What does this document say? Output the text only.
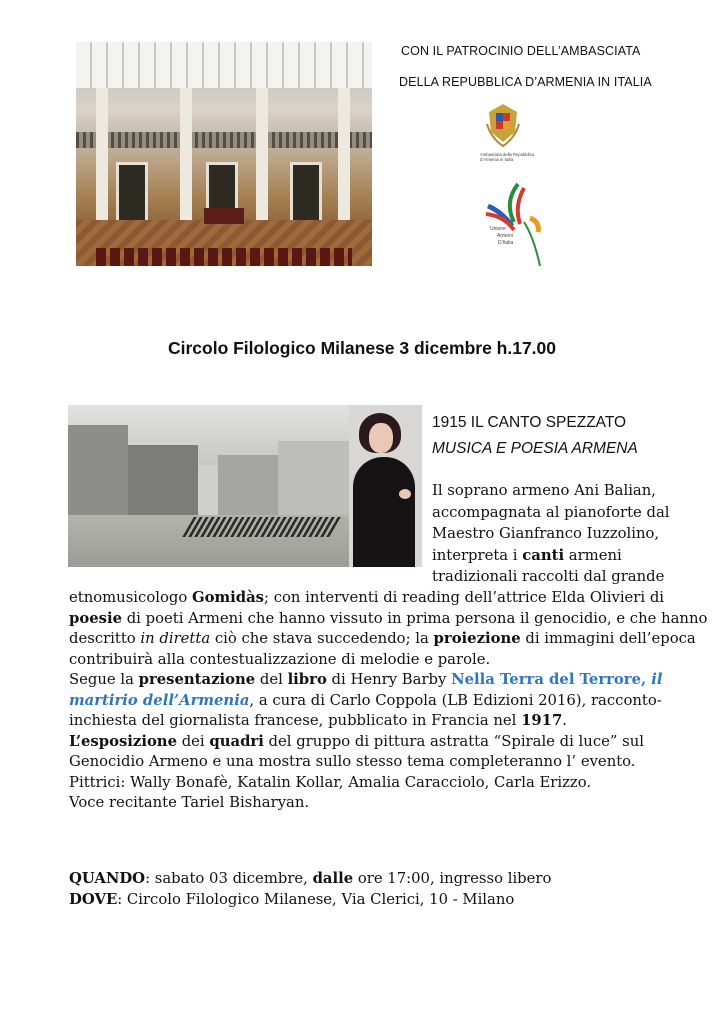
CON IL PATROCINIO DELL’AMBASCIATA
DELLA REPUBBLICA D’ARMENIA IN ITALIA
Ambasciata della Repubblica
d’Armenia in Italia
Unione
Armeni
D’Italia
Circolo Filologico Milanese 3 dicembre h.17.00
1915 IL CANTO SPEZZATO
MUSICA E POESIA ARMENA
Il soprano armeno Ani Balian,
accompagnata al pianoforte dal
Maestro Gianfranco Iuzzolino,
interpreta i canti armeni
tradizionali raccolti dal grande

etnomusicologo Gomidàs; con interventi di reading dell’attrice Elda Olivieri di poesie di poeti Armeni che hanno vissuto in prima persona il genocidio, e che hanno descritto in diretta ciò che stava succedendo; la proiezione di immagini dell’epoca contribuirà alla contestualizzazione di melodie e parole.

Segue la presentazione del libro di Henry Barby Nella Terra del Terrore, il martirio dell’Armenia, a cura di Carlo Coppola (LB Edizioni 2016), racconto-inchiesta del giornalista francese, pubblicato in Francia nel 1917.

L’esposizione dei quadri del gruppo di pittura astratta “Spirale di luce” sul Genocidio Armeno e una mostra sullo stesso tema completeranno l’ evento.

Pittrici: Wally Bonafè, Katalin Kollar, Amalia Caracciolo, Carla Erizzo.

Voce recitante Tariel Bisharyan.

QUANDO: sabato 03 dicembre, dalle ore 17:00, ingresso libero

DOVE: Circolo Filologico Milanese, Via Clerici, 10 - Milano
